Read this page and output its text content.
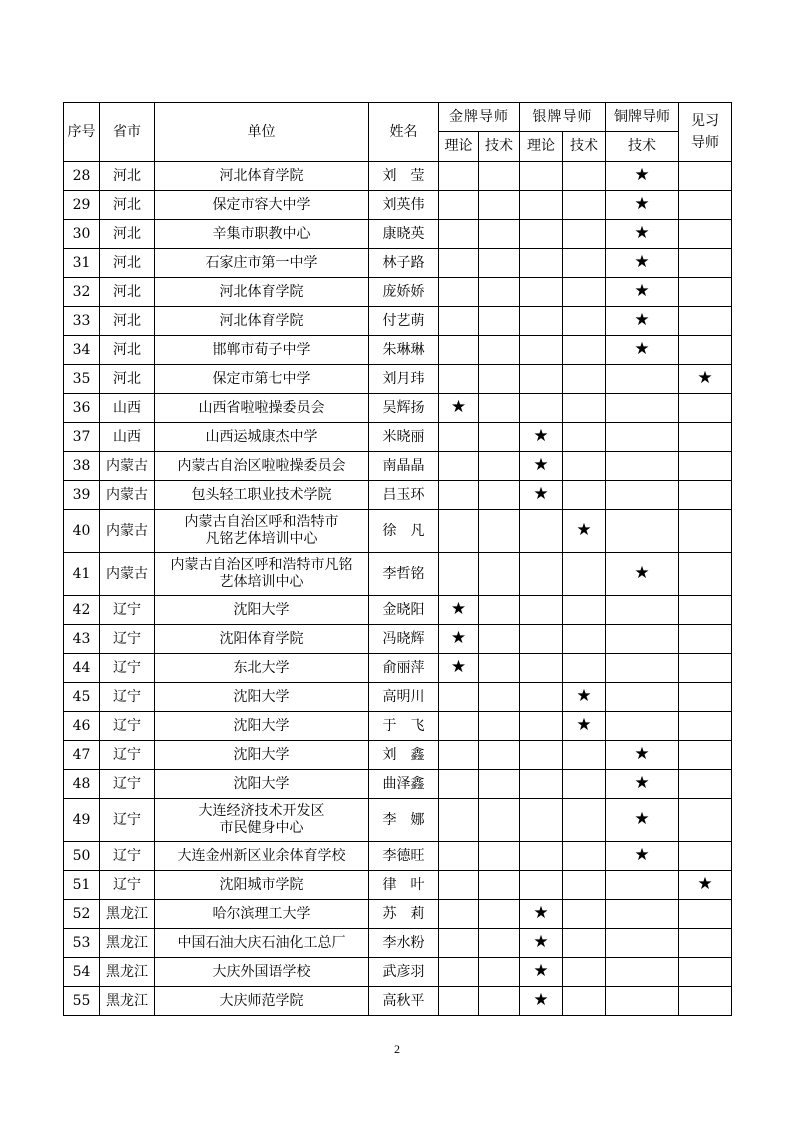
序号	省市	单位	姓名	金牌导师		银牌导师		铜牌导师	见习导师
				理论	技术	理论	技术	技术	
28	河北	河北体育学院	刘　莹					★	
29	河北	保定市容大中学	刘英伟					★	
30	河北	辛集市职教中心	康晓英					★	
31	河北	石家庄市第一中学	林子路					★	
32	河北	河北体育学院	庞娇娇					★	
33	河北	河北体育学院	付艺萌					★	
34	河北	邯郸市荀子中学	朱琳琳					★	
35	河北	保定市第七中学	刘月玮						★
36	山西	山西省啦啦操委员会	吴辉扬	★					
37	山西	山西运城康杰中学	米晓丽			★			
38	内蒙古	内蒙古自治区啦啦操委员会	南晶晶			★			
39	内蒙古	包头轻工职业技术学院	吕玉环			★			
40	内蒙古	内蒙古自治区呼和浩特市
凡铭艺体培训中心	徐　凡				★		
41	内蒙古	内蒙古自治区呼和浩特市凡铭
艺体培训中心	李哲铭					★	
42	辽宁	沈阳大学	金晓阳	★					
43	辽宁	沈阳体育学院	冯晓辉	★					
44	辽宁	东北大学	俞丽萍	★					
45	辽宁	沈阳大学	高明川				★		
46	辽宁	沈阳大学	于　飞				★		
47	辽宁	沈阳大学	刘　鑫					★	
48	辽宁	沈阳大学	曲泽鑫					★	
49	辽宁	大连经济技术开发区
市民健身中心	李　娜					★	
50	辽宁	大连金州新区业余体育学校	李德旺					★	
51	辽宁	沈阳城市学院	律　叶						★
52	黑龙江	哈尔滨理工大学	苏　莉			★			
53	黑龙江	中国石油大庆石油化工总厂	李水粉			★			
54	黑龙江	大庆外国语学校	武彦羽			★			
55	黑龙江	大庆师范学院	高秋平			★			
2
